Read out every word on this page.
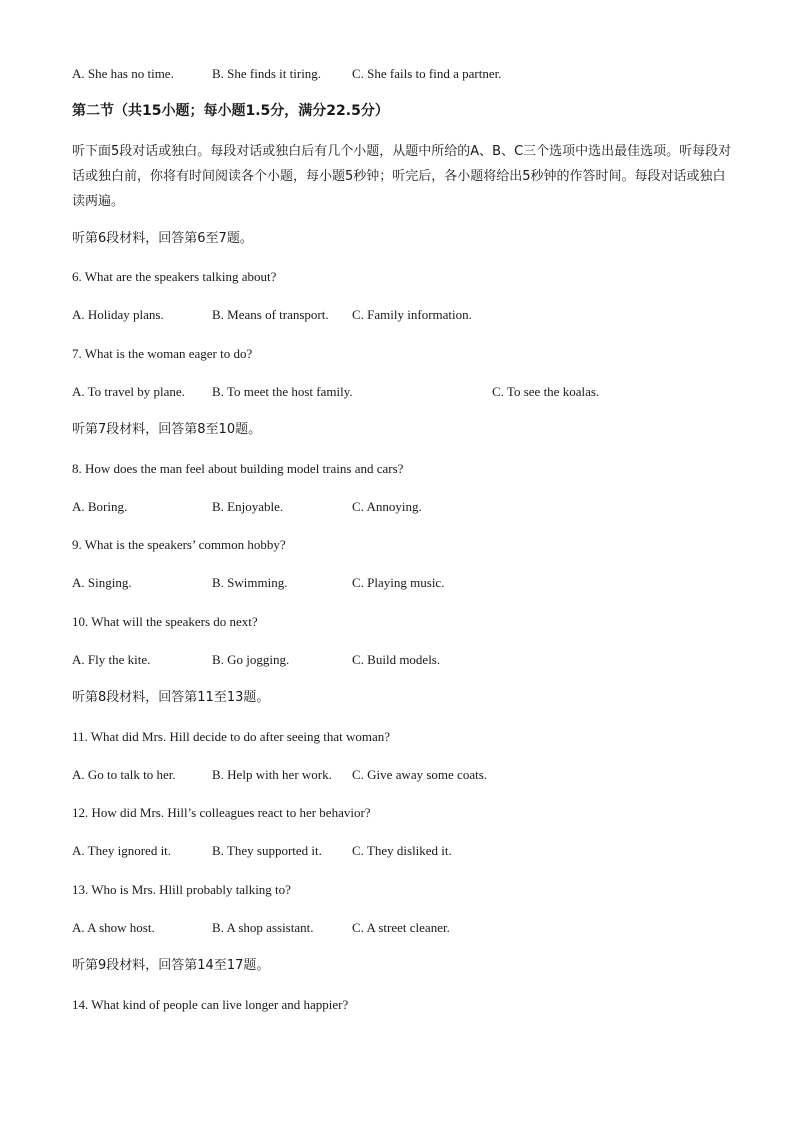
A. She has no time.	B. She finds it tiring. C. She fails to find a partner.
第二节（共15小题；每小题1.5分，满分22.5分）
听下面5段对话或独白。每段对话或独白后有几个小题，从题中所给的A、B、C三个选项中选出最佳选项。听每段对话或独白前，你将有时间阅读各个小题，每小题5秒钟；听完后，各小题将给出5秒钟的作答时间。每段对话或独白读两遍。
听第6段材料，回答第6至7题。
6. What are the speakers talking about?
A. Holiday plans.	B. Means of transport. C. Family information.
7. What is the woman eager to do?
A. To travel by plane. B. To meet the host family.	C. To see the koalas.
听第7段材料，回答第8至10题。
8. How does the man feel about building model trains and cars?
A. Boring.	B. Enjoyable.	C. Annoying.
9. What is the speakers’ common hobby?
A. Singing.	B. Swimming.	C. Playing music.
10. What will the speakers do next?
A. Fly the kite.	B. Go jogging.	C. Build models.
听第8段材料，回答第11至13题。
11. What did Mrs. Hill decide to do after seeing that woman?
A. Go to talk to her.	B. Help with her work. C. Give away some coats.
12. How did Mrs. Hill’s colleagues react to her behavior?
A. They ignored it.	B. They supported it. C. They disliked it.
13. Who is Mrs. Hlill probably talking to?
A. A show host.	B. A shop assistant.	C. A street cleaner.
听第9段材料，回答第14至17题。
14. What kind of people can live longer and happier?
